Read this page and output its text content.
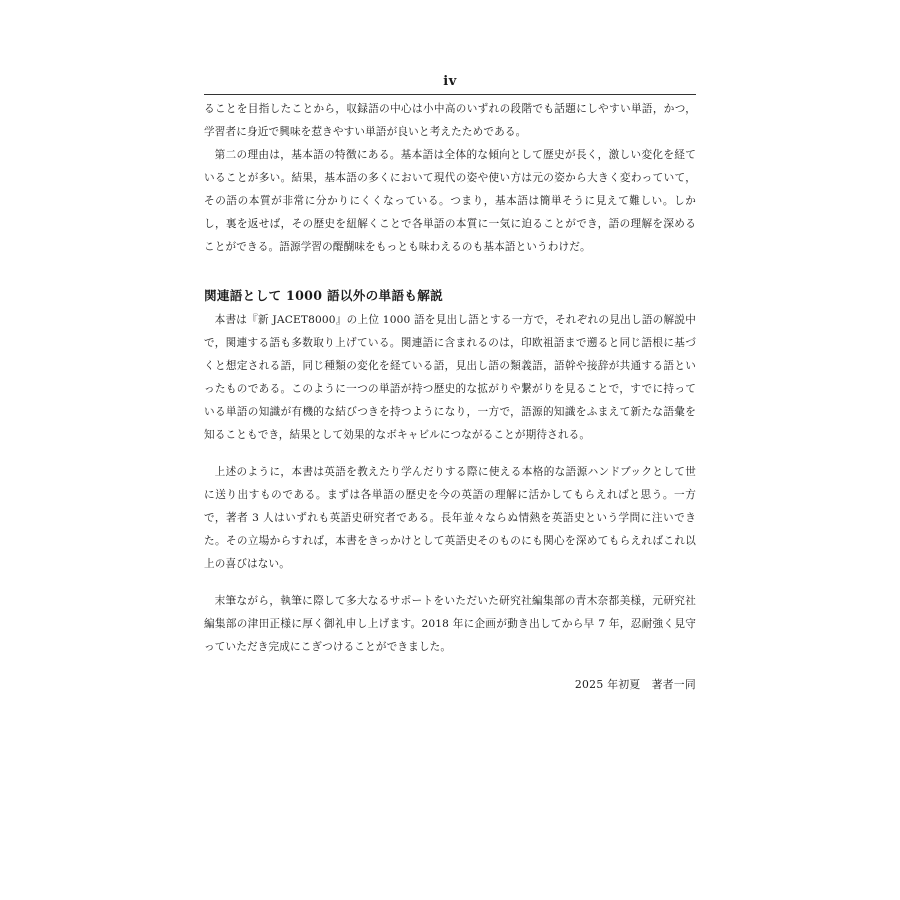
iv

ることを目指したことから，収録語の中心は小中高のいずれの段階でも話題にしやすい単語，かつ，学習者に身近で興味を惹きやすい単語が良いと考えたためである。

第二の理由は，基本語の特徴にある。基本語は全体的な傾向として歴史が長く，激しい変化を経ていることが多い。結果，基本語の多くにおいて現代の姿や使い方は元の姿から大きく変わっていて，その語の本質が非常に分かりにくくなっている。つまり，基本語は簡単そうに見えて難しい。しかし，裏を返せば，その歴史を紐解くことで各単語の本質に一気に迫ることができ，語の理解を深めることができる。語源学習の醍醐味をもっとも味わえるのも基本語というわけだ。

関連語として 1000 語以外の単語も解説

本書は『新 JACET8000』の上位 1000 語を見出し語とする一方で，それぞれの見出し語の解説中で，関連する語も多数取り上げている。関連語に含まれるのは，印欧祖語まで遡ると同じ語根に基づくと想定される語，同じ種類の変化を経ている語，見出し語の類義語，語幹や接辞が共通する語といったものである。このように一つの単語が持つ歴史的な拡がりや繋がりを見ることで，すでに持っている単語の知識が有機的な結びつきを持つようになり，一方で，語源的知識をふまえて新たな語彙を知ることもでき，結果として効果的なボキャビルにつながることが期待される。

上述のように，本書は英語を教えたり学んだりする際に使える本格的な語源ハンドブックとして世に送り出すものである。まずは各単語の歴史を今の英語の理解に活かしてもらえればと思う。一方で，著者 3 人はいずれも英語史研究者である。長年並々ならぬ情熱を英語史という学問に注いできた。その立場からすれば，本書をきっかけとして英語史そのものにも関心を深めてもらえればこれ以上の喜びはない。

末筆ながら，執筆に際して多大なるサポートをいただいた研究社編集部の青木奈都美様，元研究社編集部の津田正様に厚く御礼申し上げます。2018 年に企画が動き出してから早 7 年，忍耐強く見守っていただき完成にこぎつけることができました。

2025 年初夏　著者一同
